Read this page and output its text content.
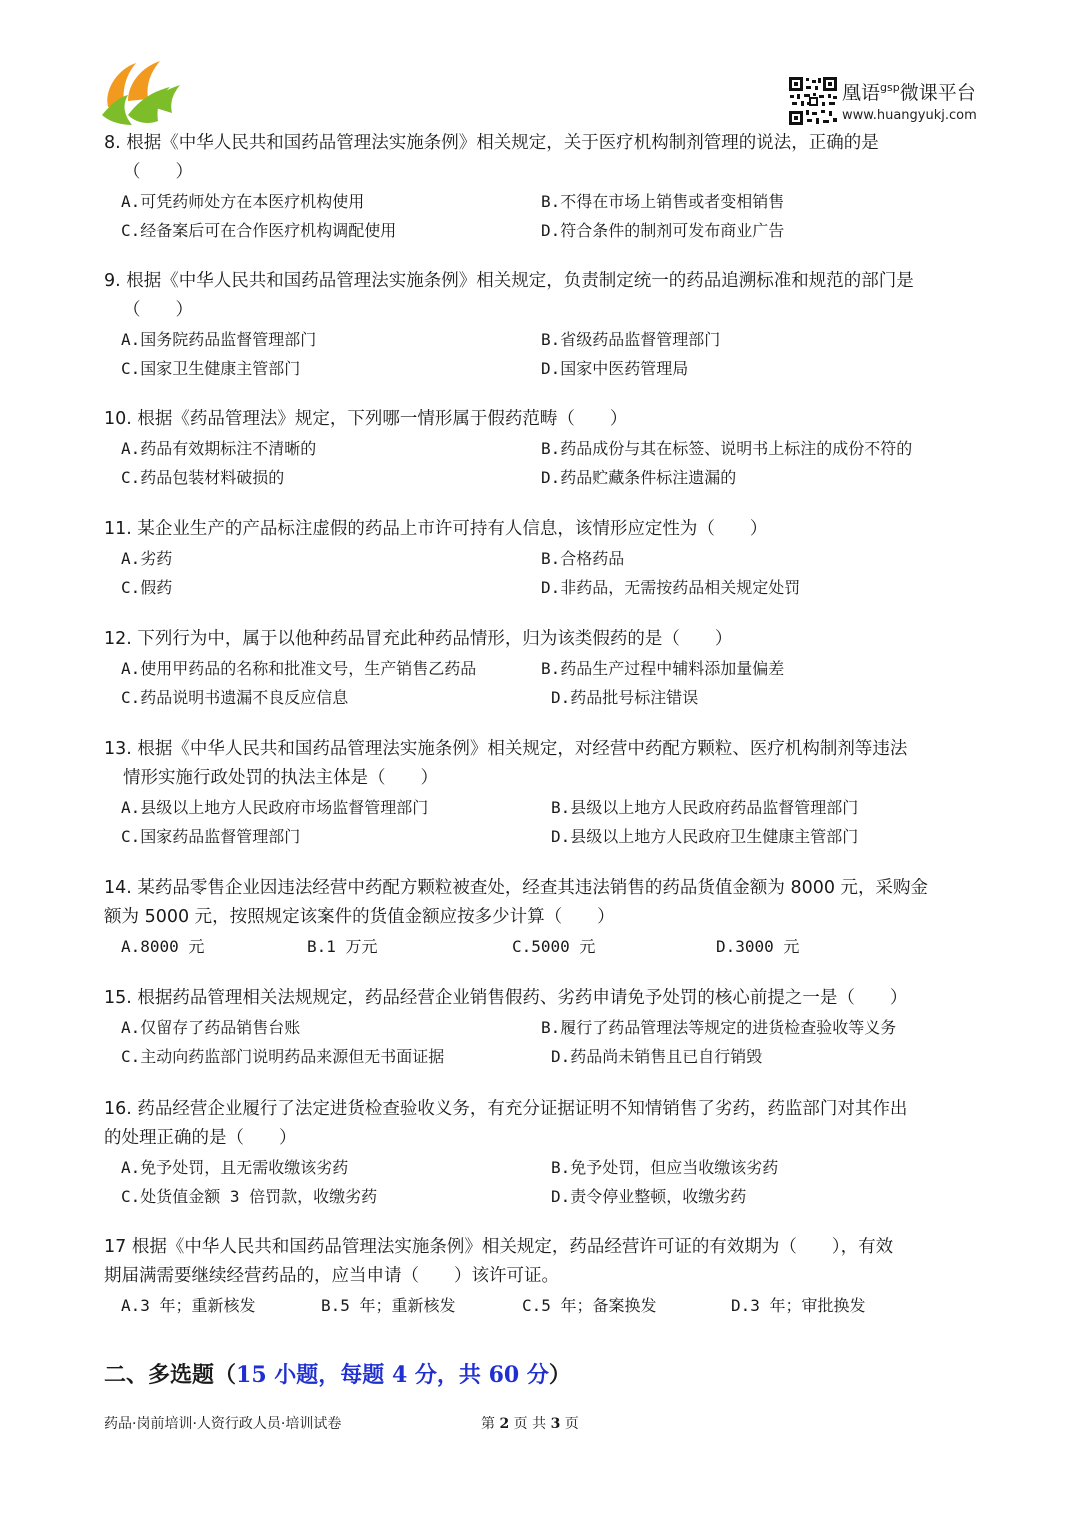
凰语$^{gsp}$微课平台
www.huangyukj.com
8. 根据《中华人民共和国药品管理法实施条例》相关规定，关于医疗机构制剂管理的说法，正确的是
（　　）
A.可凭药师处方在本医疗机构使用	B.不得在市场上销售或者变相销售
C.经备案后可在合作医疗机构调配使用	D.符合条件的制剂可发布商业广告
9. 根据《中华人民共和国药品管理法实施条例》相关规定，负责制定统一的药品追溯标准和规范的部门是
（　　）
A.国务院药品监督管理部门	B.省级药品监督管理部门
C.国家卫生健康主管部门	D.国家中医药管理局
10. 根据《药品管理法》规定，下列哪一情形属于假药范畴（　　）
A.药品有效期标注不清晰的	B.药品成份与其在标签、说明书上标注的成份不符的
C.药品包装材料破损的	D.药品贮藏条件标注遗漏的
11. 某企业生产的产品标注虚假的药品上市许可持有人信息，该情形应定性为（　　）
A.劣药	B.合格药品
C.假药	D.非药品，无需按药品相关规定处罚
12. 下列行为中，属于以他种药品冒充此种药品情形，归为该类假药的是（　　）
A.使用甲药品的名称和批准文号，生产销售乙药品	B.药品生产过程中辅料添加量偏差
C.药品说明书遗漏不良反应信息	D.药品批号标注错误
13. 根据《中华人民共和国药品管理法实施条例》相关规定，对经营中药配方颗粒、医疗机构制剂等违法
情形实施行政处罚的执法主体是（　　）
A.县级以上地方人民政府市场监督管理部门	B.县级以上地方人民政府药品监督管理部门
C.国家药品监督管理部门	D.县级以上地方人民政府卫生健康主管部门
14. 某药品零售企业因违法经营中药配方颗粒被查处，经查其违法销售的药品货值金额为 8000 元，采购金
额为 5000 元，按照规定该案件的货值金额应按多少计算（　　）
A.8000 元	B.1 万元	C.5000 元	D.3000 元
15. 根据药品管理相关法规规定，药品经营企业销售假药、劣药申请免予处罚的核心前提之一是（　　）
A.仅留存了药品销售台账	B.履行了药品管理法等规定的进货检查验收等义务
C.主动向药监部门说明药品来源但无书面证据	D.药品尚未销售且已自行销毁
16. 药品经营企业履行了法定进货检查验收义务，有充分证据证明不知情销售了劣药，药监部门对其作出
的处理正确的是（　　）
A.免予处罚，且无需收缴该劣药	B.免予处罚，但应当收缴该劣药
C.处货值金额 3 倍罚款，收缴劣药	D.责令停业整顿，收缴劣药
17 根据《中华人民共和国药品管理法实施条例》相关规定，药品经营许可证的有效期为（　　），有效
期届满需要继续经营药品的，应当申请（　　）该许可证。
A.3 年；重新核发	B.5 年；重新核发	C.5 年；备案换发	D.3 年；审批换发
二、多选题（15 小题，每题 4 分，共 60 分）
药品·岗前培训·人资行政人员·培训试卷	第 2 页 共 3 页
